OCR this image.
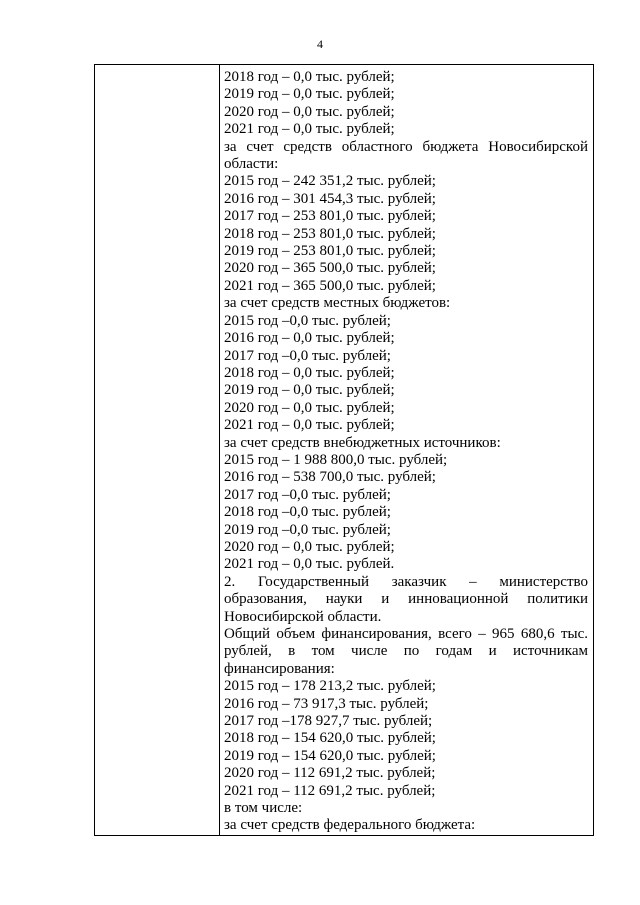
4
2018 год – 0,0 тыс. рублей;
2019 год – 0,0 тыс. рублей;
2020 год – 0,0 тыс. рублей;
2021 год – 0,0 тыс. рублей;
за счет средств областного бюджета Новосибирской
области:
2015 год – 242 351,2 тыс. рублей;
2016 год – 301 454,3 тыс. рублей;
2017 год – 253 801,0 тыс. рублей;
2018 год – 253 801,0 тыс. рублей;
2019 год – 253 801,0 тыс. рублей;
2020 год – 365 500,0 тыс. рублей;
2021 год – 365 500,0 тыс. рублей;
за счет средств местных бюджетов:
2015 год –0,0 тыс. рублей;
2016 год – 0,0 тыс. рублей;
2017 год –0,0 тыс. рублей;
2018 год – 0,0 тыс. рублей;
2019 год – 0,0 тыс. рублей;
2020 год – 0,0 тыс. рублей;
2021 год – 0,0 тыс. рублей;
за счет средств внебюджетных источников:
2015 год – 1 988 800,0 тыс. рублей;
2016 год – 538 700,0 тыс. рублей;
2017 год –0,0 тыс. рублей;
2018 год –0,0 тыс. рублей;
2019 год –0,0 тыс. рублей;
2020 год – 0,0 тыс. рублей;
2021 год – 0,0 тыс. рублей.
2. Государственный заказчик – министерство
образования, науки и инновационной политики
Новосибирской области.
Общий объем финансирования, всего – 965 680,6 тыс.
рублей, в том числе по годам и источникам
финансирования:
2015 год – 178 213,2 тыс. рублей;
2016 год – 73 917,3 тыс. рублей;
2017 год –178 927,7 тыс. рублей;
2018 год – 154 620,0 тыс. рублей;
2019 год – 154 620,0 тыс. рублей;
2020 год – 112 691,2 тыс. рублей;
2021 год – 112 691,2 тыс. рублей;
в том числе:
за счет средств федерального бюджета:
